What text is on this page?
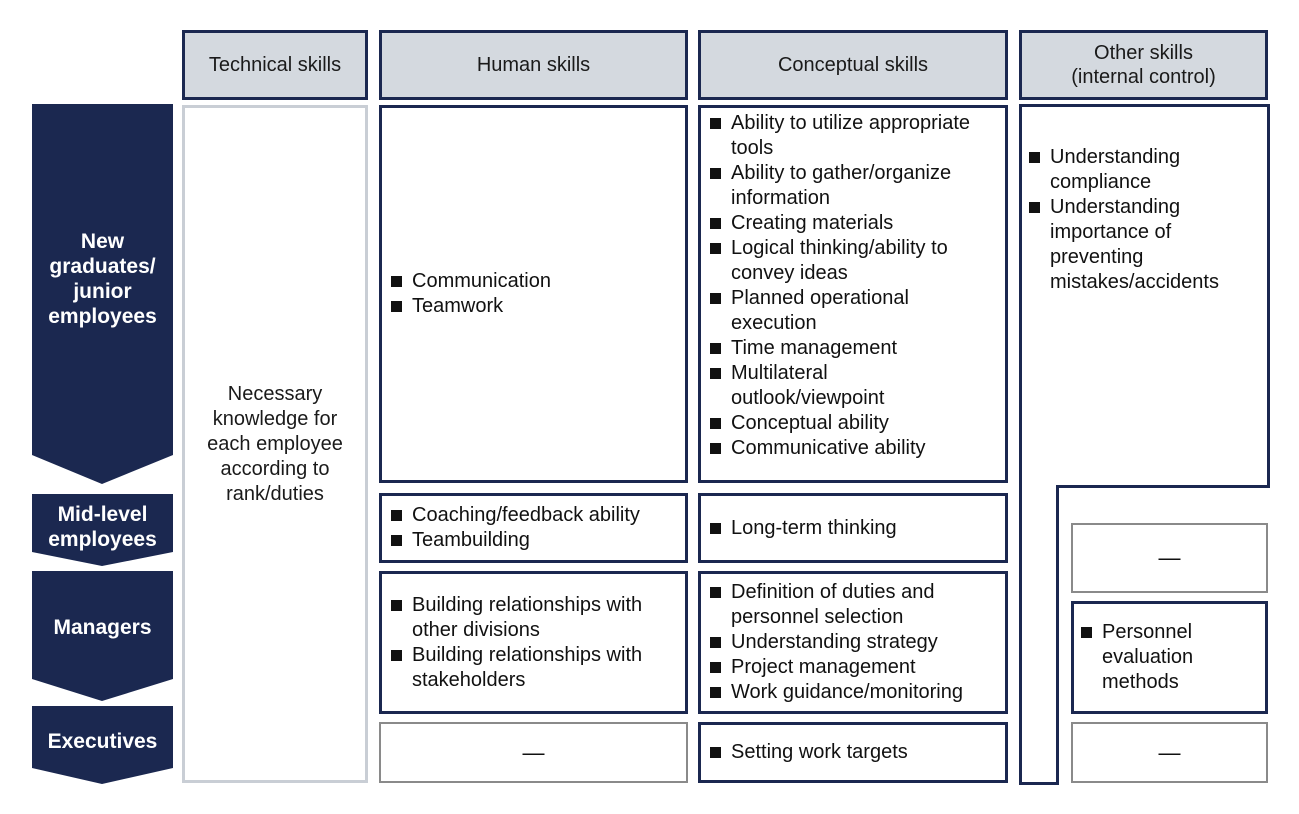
Technical skills	Human skills	Conceptual skills
Other skills
(internal control)
New
graduates/
junior
employees
Mid-level
employees
Managers
Executives
Necessary
knowledge for
each employee
according to
rank/duties
Communication
Teamwork
Coaching/feedback ability
Teambuilding
Building relationships with
other divisions
Building relationships with
stakeholders
—
Ability to utilize appropriate
tools
Ability to gather/organize
information
Creating materials
Logical thinking/ability to
convey ideas
Planned operational
execution
Time management
Multilateral
outlook/viewpoint
Conceptual ability
Communicative ability
Long-term thinking
Definition of duties and
personnel selection
Understanding strategy
Project management
Work guidance/monitoring
Setting work targets
Understanding
compliance
Understanding
importance of
preventing
mistakes/accidents
—
Personnel
evaluation
methods
—
